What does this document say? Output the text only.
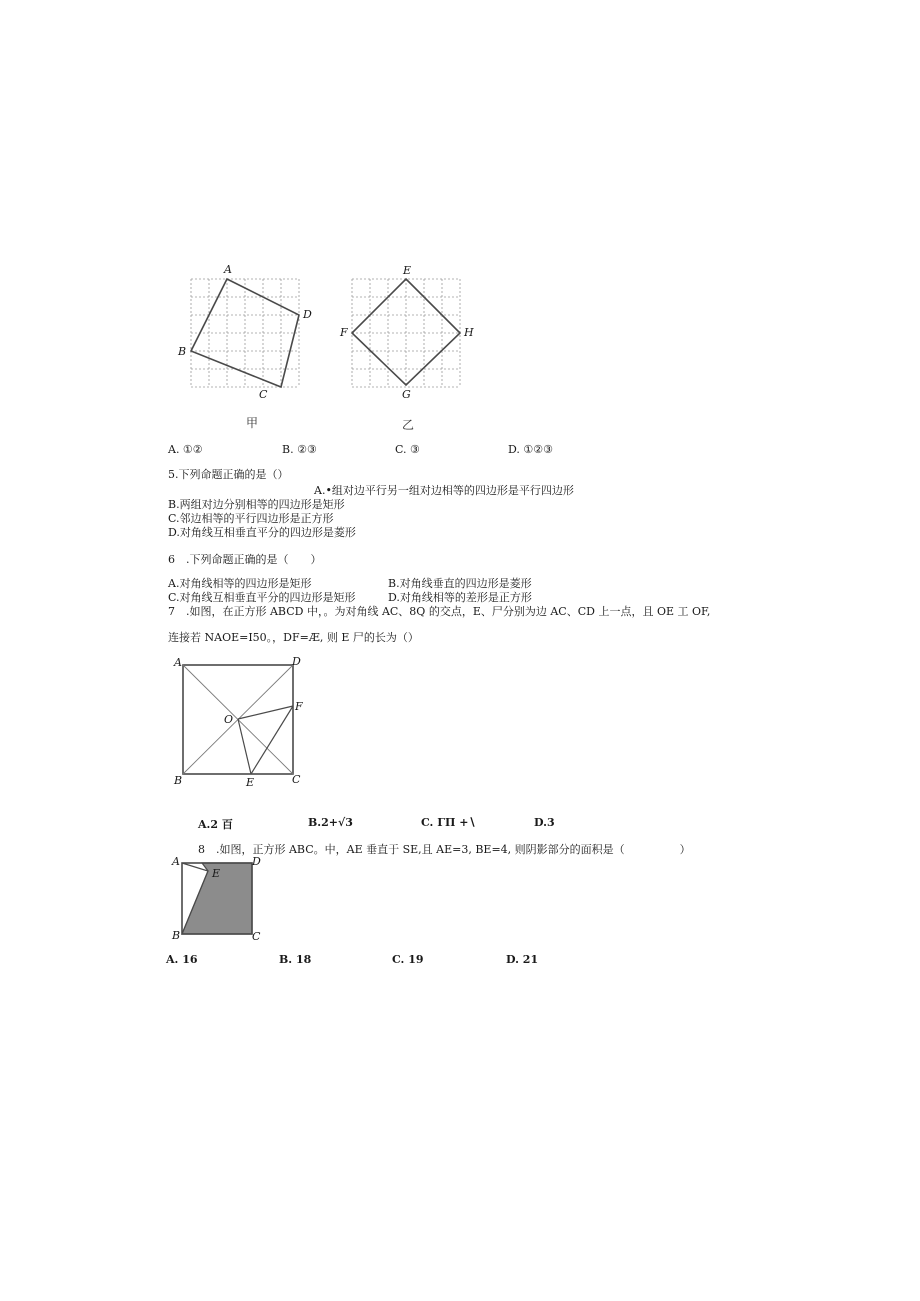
A
D
B
C
甲
E
F	H
G
乙
A. ①②	B. ②③	C. ③	D. ①②③
5.下列命题正确的是（）
A.•组对边平行另一组对边相等的四边形是平行四边形
B.两组对边分别相等的四边形是矩形
C.邻边相等的平行四边形是正方形
D.对角线互相垂直平分的四边形是菱形
6　.下列命题正确的是（　　）
A.对角线相等的四边形是矩形	B.对角线垂直的四边形是菱形
C.对角线互相垂直平分的四边形是矩形	D.对角线相等的差形是正方形
7　.如图，在正方形 ABCD 中，。为对角线 AC、8Q 的交点，E、尸分别为边 AC、CD 上一点，且 OE 工 OF,
连接若 NAOE=I50。，DF=Æ, 则 E 尸的长为（）
A	D
O
F
B	E	C
A.2 百	B.2+√3	C. ΓΠ +∖	D.3
8　.如图，正方形 ABC。中，AE 垂直于 SE,且 AE=3, BE=4, 则阴影部分的面积是（　　　　　）
A	D
E
B	C
A. 16	B. 18	C. 19	D. 21
